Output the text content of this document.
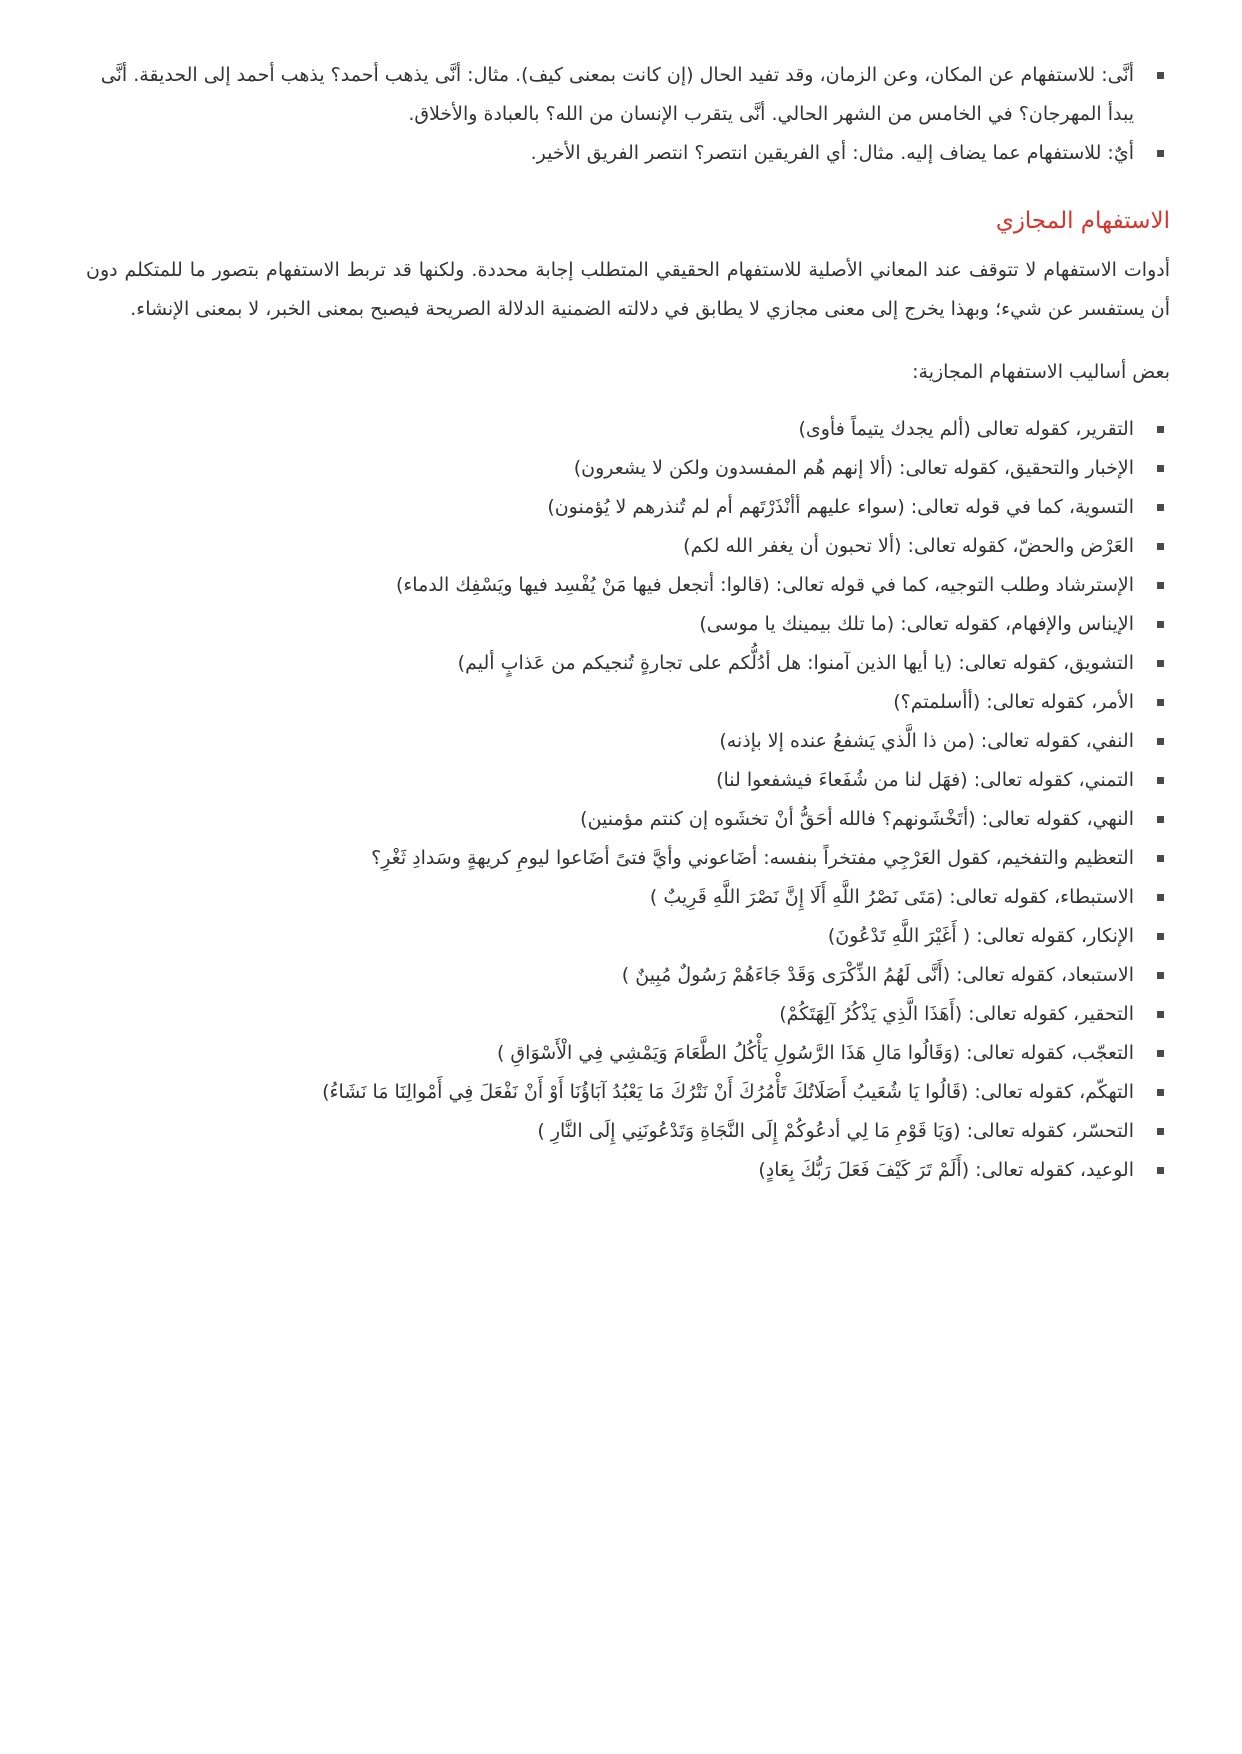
أنَّى: للاستفهام عن المكان، وعن الزمان، وقد تفيد الحال (إن كانت بمعنى كيف). مثال: أنَّى يذهب أحمد؟ يذهب أحمد إلى الحديقة. أنَّى يبدأ المهرجان؟ في الخامس من الشهر الحالي. أنَّى يتقرب الإنسان من الله؟ بالعبادة والأخلاق.
أيٌ: للاستفهام عما يضاف إليه. مثال: أي الفريقين انتصر؟ انتصر الفريق الأخير.
الاستفهام المجازي

أدوات الاستفهام لا تتوقف عند المعاني الأصلية للاستفهام الحقيقي المتطلب إجابة محددة. ولكنها قد تربط الاستفهام بتصور ما للمتكلم دون أن يستفسر عن شيء؛ وبهذا يخرج إلى معنى مجازي لا يطابق في دلالته الضمنية الدلالة الصريحة فيصبح بمعنى الخبر، لا بمعنى الإنشاء.

بعض أساليب الاستفهام المجازية:

التقرير، كقوله تعالى (ألم يجدك يتيماً فأوى)
الإخبار والتحقيق، كقوله تعالى: (ألا إنهم هُم المفسدون ولكن لا يشعرون)
التسوية، كما في قوله تعالى: (سواء عليهم أأنْذَرْتَهم أم لم تُنذرهم لا يُؤمنون)
العَرْض والحضّ، كقوله تعالى: (ألا تحبون أن يغفر الله لكم)
الإسترشاد وطلب التوجيه، كما في قوله تعالى: (قالوا: أتجعل فيها مَنْ يُفْسِد فيها ويَسْفِك الدماء)
الإيناس والإفهام، كقوله تعالى: (ما تلك بيمينك يا موسى)
التشويق، كقوله تعالى: (يا أيها الذين آمنوا: هل أدُلُّكم على تجارةٍ تُنجيكم من عَذابٍ أليم)
الأمر، كقوله تعالى: (أأسلمتم؟)
النفي، كقوله تعالى: (من ذا الَّذي يَشفعُ عنده إلا بإذنه)
التمني، كقوله تعالى: (فهَل لنا من شُفَعاءَ فيشفعوا لنا)
النهي، كقوله تعالى: (أتَخْشَونهم؟ فالله أحَقُّ أنْ تخشَوه إن كنتم مؤمنين)
التعظيم والتفخيم، كقول العَرْجِي مفتخراً بنفسه: أضَاعوني وأيَّ فتىً أضَاعوا ليومِ كريهةٍ وسَدادِ ثَغْرِ؟
الاستبطاء، كقوله تعالى: (مَتَى نَصْرُ اللَّهِ أَلَا إِنَّ نَصْرَ اللَّهِ قَرِيبٌ )
الإنكار، كقوله تعالى: ( أَغَيْرَ اللَّهِ تَدْعُونَ)
الاستبعاد، كقوله تعالى: (أَنَّى لَهُمُ الذِّكْرَى وَقَدْ جَاءَهُمْ رَسُولٌ مُبِينٌ )
التحقير، كقوله تعالى: (أَهَذَا الَّذِي يَذْكُرُ آلِهَتَكُمْ)
التعجّب، كقوله تعالى: (وَقَالُوا مَالِ هَذَا الرَّسُولِ يَأْكُلُ الطَّعَامَ وَيَمْشِي فِي الْأَسْوَاقِ )
التهكّم، كقوله تعالى: (قَالُوا يَا شُعَيبُ أَصَلَاتُكَ تَأْمُرُكَ أَنْ نَتْرُكَ مَا يَعْبُدُ آبَاؤُنَا أَوْ أَنْ نَفْعَلَ فِي أَمْوالِنَا مَا نَشَاءُ)
التحسّر، كقوله تعالى: (وَيَا قَوْمِ مَا لِي أدعُوكُمْ إِلَى النَّجَاةِ وَتَدْعُونَنِي إِلَى النَّارِ )
الوعيد، كقوله تعالى: (أَلَمْ تَرَ كَيْفَ فَعَلَ رَبُّكَ بِعَادٍ)
